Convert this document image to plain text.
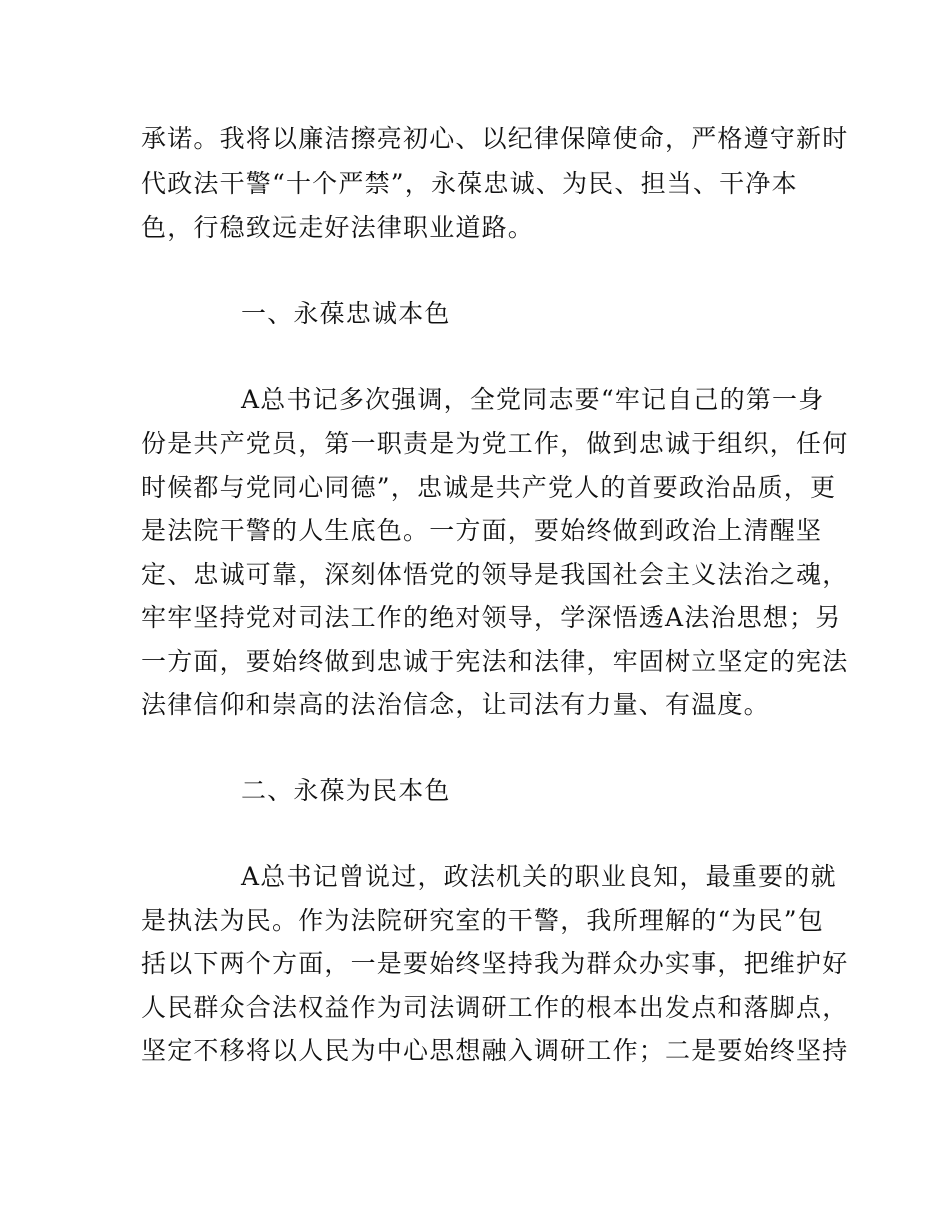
承诺。我将以廉洁擦亮初心、以纪律保障使命，严格遵守新时
代政法干警“十个严禁”，永葆忠诚、为民、担当、干净本
色，行稳致远走好法律职业道路。
一、永葆忠诚本色
A总书记多次强调，全党同志要“牢记自己的第一身
份是共产党员，第一职责是为党工作，做到忠诚于组织，任何
时候都与党同心同德”，忠诚是共产党人的首要政治品质，更
是法院干警的人生底色。一方面，要始终做到政治上清醒坚
定、忠诚可靠，深刻体悟党的领导是我国社会主义法治之魂，
牢牢坚持党对司法工作的绝对领导，学深悟透A法治思想；另
一方面，要始终做到忠诚于宪法和法律，牢固树立坚定的宪法
法律信仰和崇高的法治信念，让司法有力量、有温度。
二、永葆为民本色
A总书记曾说过，政法机关的职业良知，最重要的就
是执法为民。作为法院研究室的干警，我所理解的“为民”包
括以下两个方面，一是要始终坚持我为群众办实事，把维护好
人民群众合法权益作为司法调研工作的根本出发点和落脚点，
坚定不移将以人民为中心思想融入调研工作；二是要始终坚持
